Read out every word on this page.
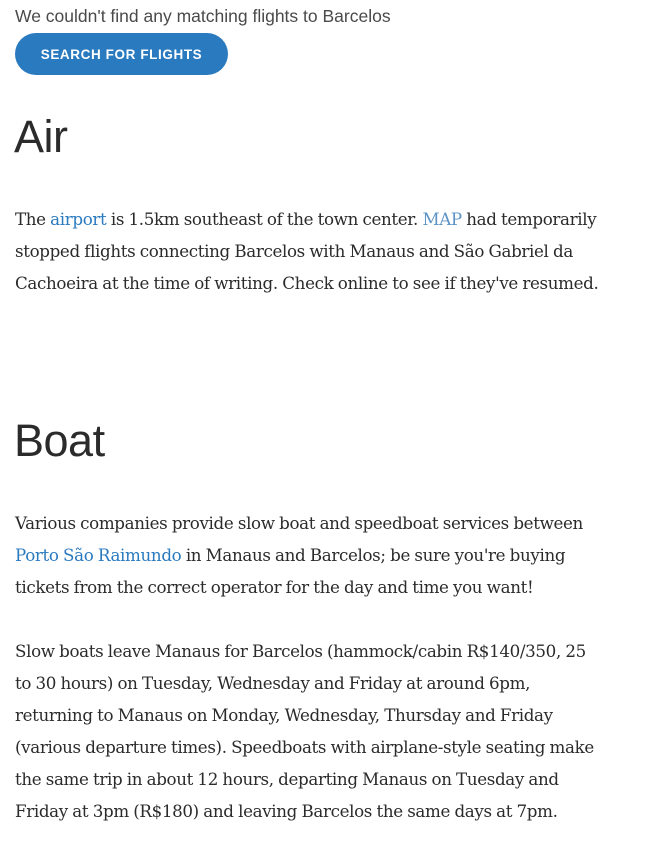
We couldn't find any matching flights to Barcelos
SEARCH FOR FLIGHTS
Air

The airport is 1.5km southeast of the town center. MAP had temporarily
stopped flights connecting Barcelos with Manaus and São Gabriel da
Cachoeira at the time of writing. Check online to see if they've resumed.

Boat

Various companies provide slow boat and speedboat services between
Porto São Raimundo in Manaus and Barcelos; be sure you're buying
tickets from the correct operator for the day and time you want!

Slow boats leave Manaus for Barcelos (hammock/cabin R$140/350, 25
to 30 hours) on Tuesday, Wednesday and Friday at around 6pm,
returning to Manaus on Monday, Wednesday, Thursday and Friday
(various departure times). Speedboats with airplane-style seating make
the same trip in about 12 hours, departing Manaus on Tuesday and
Friday at 3pm (R$180) and leaving Barcelos the same days at 7pm.
